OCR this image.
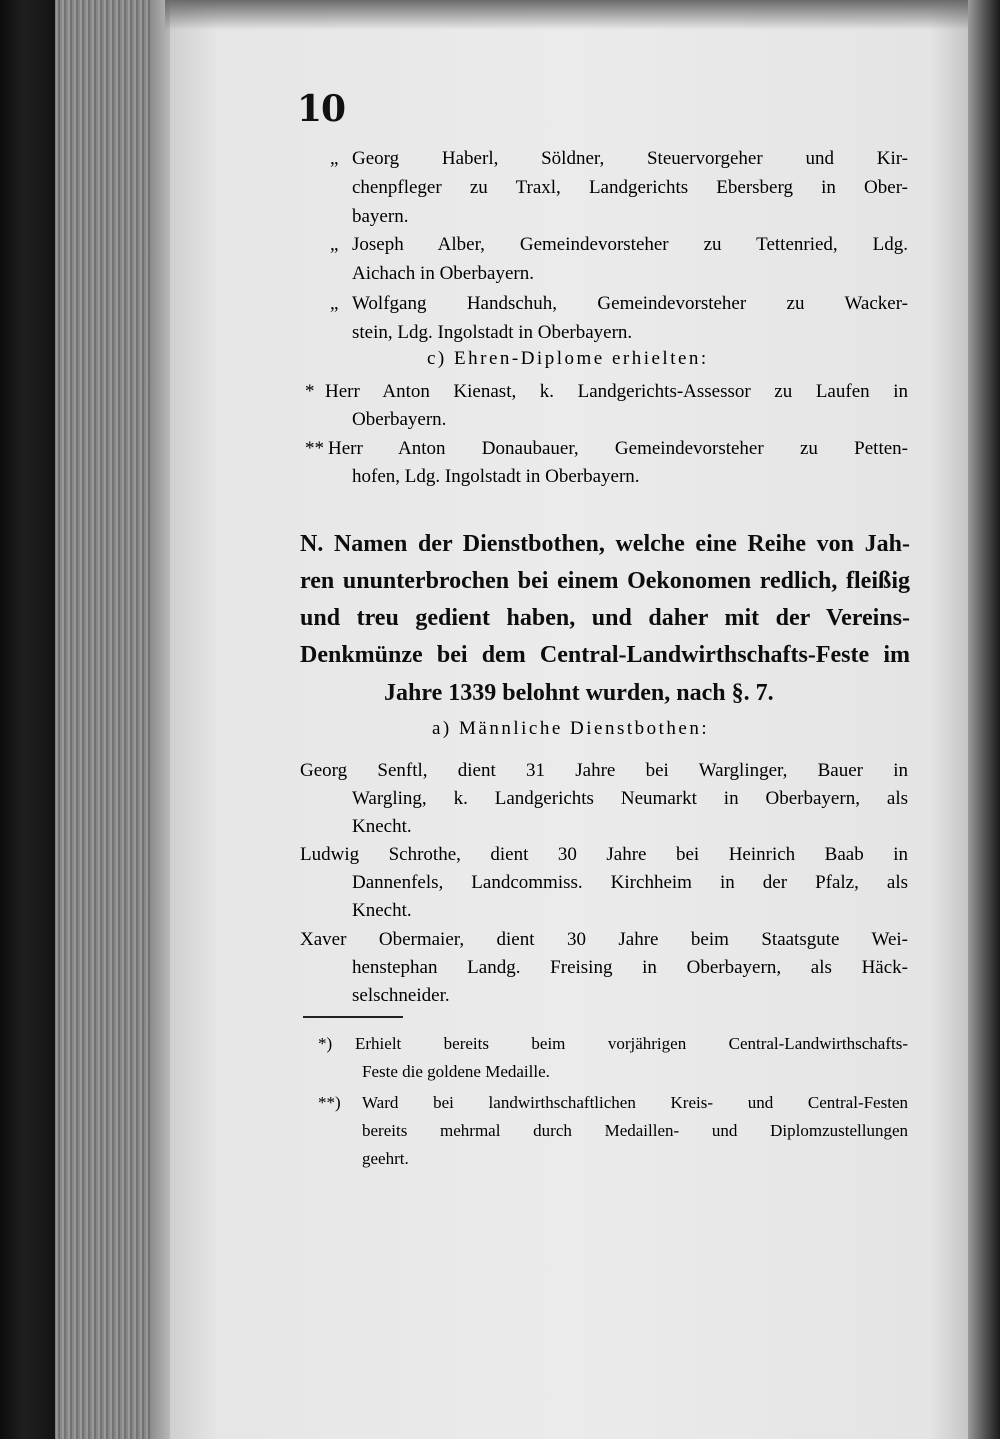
10
„ Georg Haberl, Söldner, Steuervorgeher und Kir-
chenpfleger zu Traxl, Landgerichts Ebersberg in Ober-
bayern.
„ Joseph Alber, Gemeindevorsteher zu Tettenried, Ldg.
Aichach in Oberbayern.
„ Wolfgang Handschuh, Gemeindevorsteher zu Wacker-
stein, Ldg. Ingolstadt in Oberbayern.
c) Ehren-Diplome erhielten:
* Herr Anton Kienast, k. Landgerichts-Assessor zu Laufen in
Oberbayern.
** Herr Anton Donaubauer, Gemeindevorsteher zu Petten-
hofen, Ldg. Ingolstadt in Oberbayern.
N. Namen der Dienstbothen, welche eine Reihe von Jah-
ren ununterbrochen bei einem Oekonomen redlich, fleißig
und treu gedient haben, und daher mit der Vereins-
Denkmünze bei dem Central-Landwirthschafts-Feste im
Jahre 1339 belohnt wurden, nach §. 7.
a) Männliche Dienstbothen:
Georg Senftl, dient 31 Jahre bei Warglinger, Bauer in
Wargling, k. Landgerichts Neumarkt in Oberbayern, als
Knecht.
Ludwig Schrothe, dient 30 Jahre bei Heinrich Baab in
Dannenfels, Landcommiss. Kirchheim in der Pfalz, als
Knecht.
Xaver Obermaier, dient 30 Jahre beim Staatsgute Wei-
henstephan Landg. Freising in Oberbayern, als Häck-
selschneider.
*) Erhielt bereits beim vorjährigen Central-Landwirthschafts-
Feste die goldene Medaille.
**) Ward bei landwirthschaftlichen Kreis- und Central-Festen
bereits mehrmal durch Medaillen- und Diplomzustellungen
geehrt.
